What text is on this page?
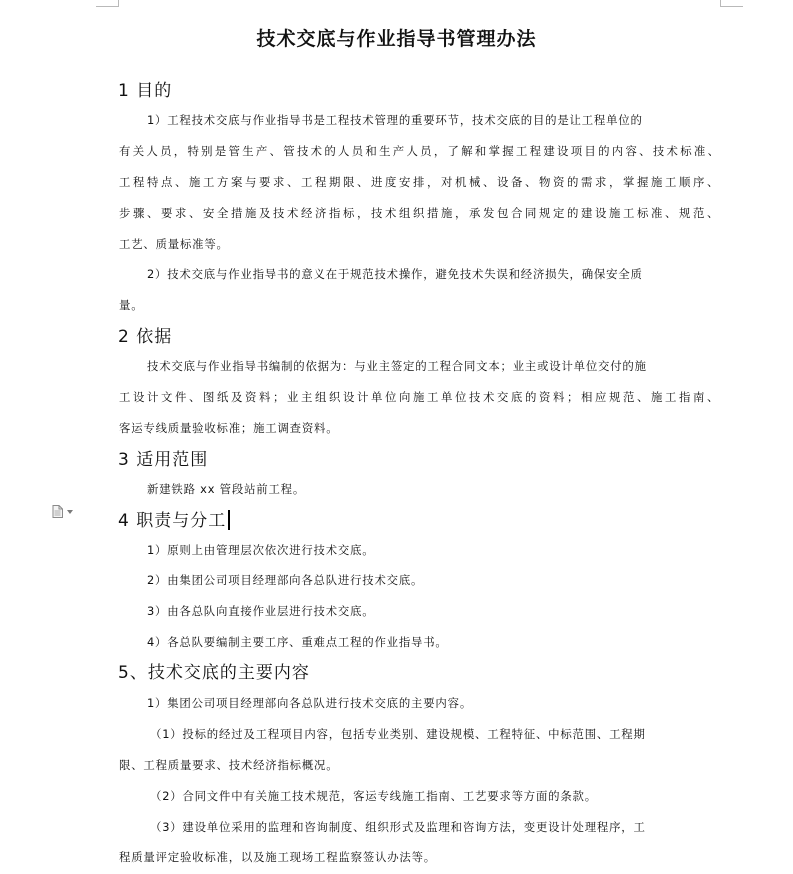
技术交底与作业指导书管理办法
1 目的
1）工程技术交底与作业指导书是工程技术管理的重要环节，技术交底的目的是让工程单位的
有 关 人 员 ， 特 别 是 管 生 产 、 管 技 术 的 人 员 和 生 产 人 员 ， 了 解 和 掌 握 工 程 建 设 项 目 的 内 容 、 技 术 标 准 、
工 程 特 点 、 施 工 方 案 与 要 求 、 工 程 期 限 、 进 度 安 排 ， 对 机 械 、 设 备 、 物 资 的 需 求 ， 掌 握 施 工 顺 序 、
步 骤 、 要 求 、 安 全 措 施 及 技 术 经 济 指 标 ， 技 术 组 织 措 施 ， 承 发 包 合 同 规 定 的 建 设 施 工 标 准 、 规 范 、
工艺、质量标准等。
2）技术交底与作业指导书的意义在于规范技术操作，避免技术失误和经济损失，确保安全质
量。
2 依据
技术交底与作业指导书编制的依据为：与业主签定的工程合同文本；业主或设计单位交付的施
工 设 计 文 件 、 图 纸 及 资 料 ； 业 主 组 织 设 计 单 位 向 施 工 单 位 技 术 交 底 的 资 料 ； 相 应 规 范 、 施 工 指 南 、
客运专线质量验收标准；施工调查资料。
3 适用范围
新建铁路 xx 管段站前工程。
4 职责与分工
1）原则上由管理层次依次进行技术交底。
2）由集团公司项目经理部向各总队进行技术交底。
3）由各总队向直接作业层进行技术交底。
4）各总队要编制主要工序、重难点工程的作业指导书。
5、技术交底的主要内容
1）集团公司项目经理部向各总队进行技术交底的主要内容。
（1）投标的经过及工程项目内容，包括专业类别、建设规模、工程特征、中标范围、工程期
限、工程质量要求、技术经济指标概况。
（2）合同文件中有关施工技术规范，客运专线施工指南、工艺要求等方面的条款。
（3）建设单位采用的监理和咨询制度、组织形式及监理和咨询方法，变更设计处理程序，工
程质量评定验收标准，以及施工现场工程监察签认办法等。
